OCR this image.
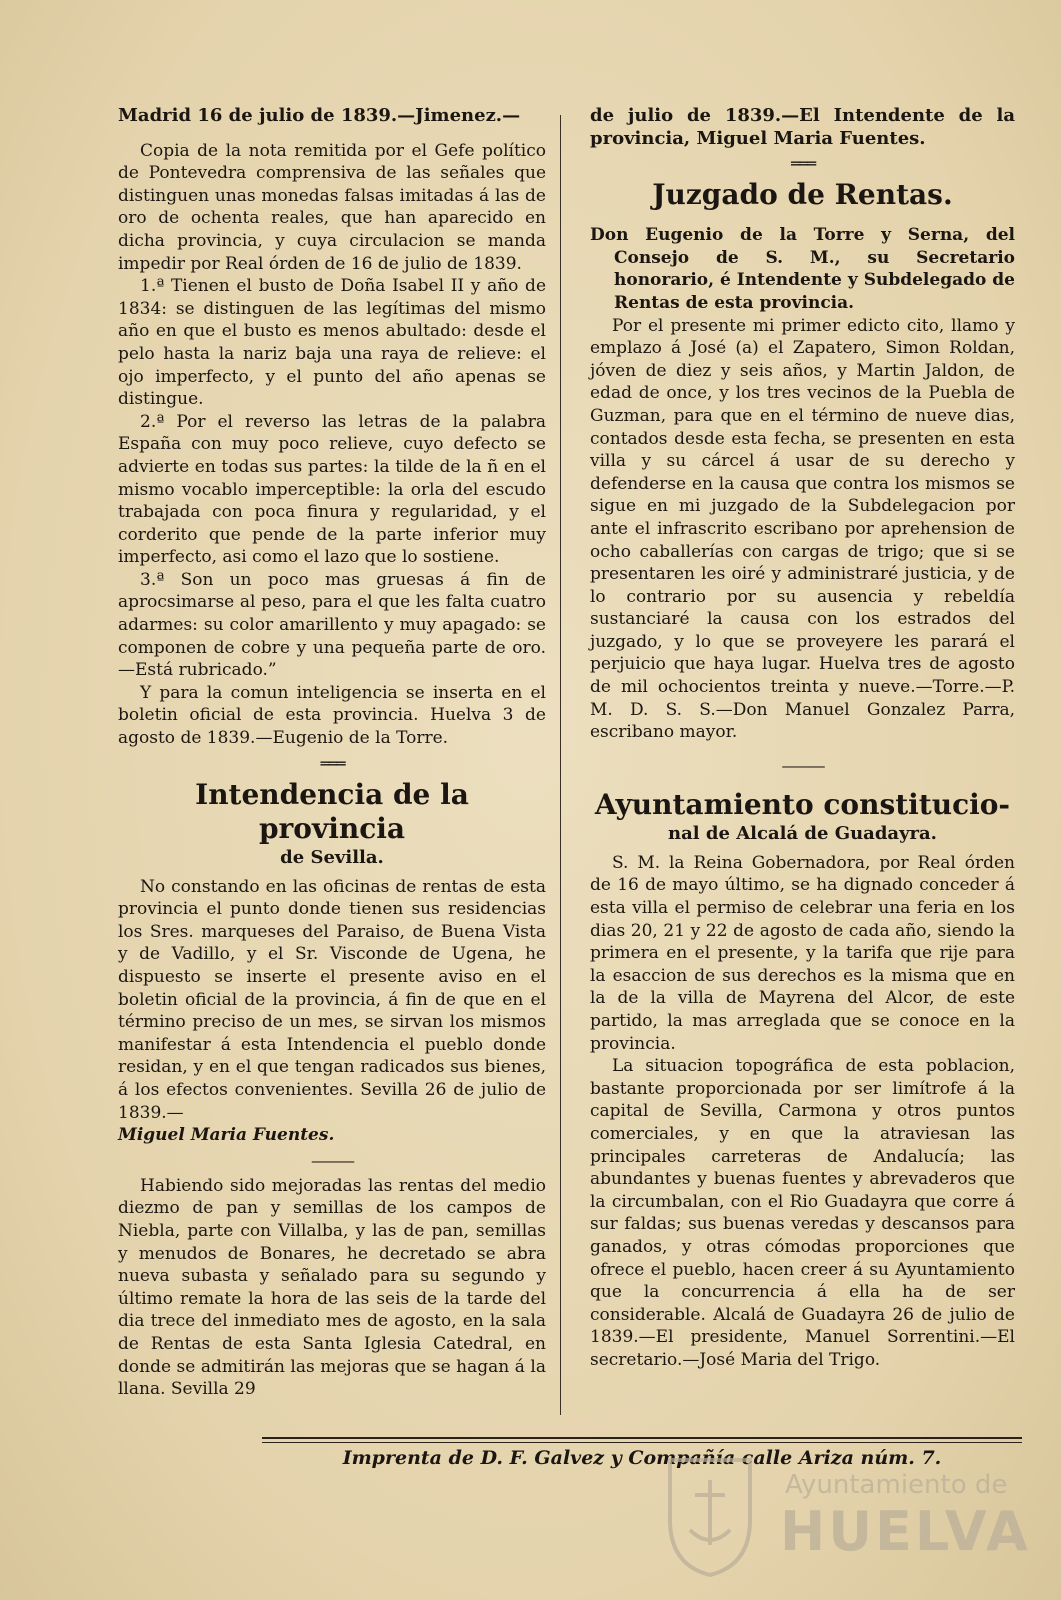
Madrid 16 de julio de 1839.—Jimenez.—

Copia de la nota remitida por el Gefe político de Pontevedra comprensiva de las señales que distinguen unas monedas falsas imitadas á las de oro de ochenta reales, que han aparecido en dicha provincia, y cuya circulacion se manda impedir por Real órden de 16 de julio de 1839.

1.ª Tienen el busto de Doña Isabel II y año de 1834: se distinguen de las legítimas del mismo año en que el busto es menos abultado: desde el pelo hasta la nariz baja una raya de relieve: el ojo imperfecto, y el punto del año apenas se distingue.

2.ª Por el reverso las letras de la palabra España con muy poco relieve, cuyo defecto se advierte en todas sus partes: la tilde de la ñ en el mismo vocablo imperceptible: la orla del escudo trabajada con poca finura y regularidad, y el corderito que pende de la parte inferior muy imperfecto, asi como el lazo que lo sostiene.

3.ª Son un poco mas gruesas á fin de aprocsimarse al peso, para el que les falta cuatro adarmes: su color amarillento y muy apagado: se componen de cobre y una pequeña parte de oro.—Está rubricado.”

Y para la comun inteligencia se inserta en el boletin oficial de esta provincia. Huelva 3 de agosto de 1839.—Eugenio de la Torre.

═══

Intendencia de la provincia

de Sevilla.

No constando en las oficinas de rentas de esta provincia el punto donde tienen sus residencias los Sres. marqueses del Paraiso, de Buena Vista y de Vadillo, y el Sr. Visconde de Ugena, he dispuesto se inserte el presente aviso en el boletin oficial de la provincia, á fin de que en el término preciso de un mes, se sirvan los mismos manifestar á esta Intendencia el pueblo donde residan, y en el que tengan radicados sus bienes, á los efectos convenientes. Sevilla 26 de julio de 1839.—

Miguel Maria Fuentes.

———

Habiendo sido mejoradas las rentas del medio diezmo de pan y semillas de los campos de Niebla, parte con Villalba, y las de pan, semillas y menudos de Bonares, he decretado se abra nueva subasta y señalado para su segundo y último remate la hora de las seis de la tarde del dia trece del inmediato mes de agosto, en la sala de Rentas de esta Santa Iglesia Catedral, en donde se admitirán las mejoras que se hagan á la llana. Sevilla 29

de julio de 1839.—El Intendente de la provincia, Miguel Maria Fuentes.

═══

Juzgado de Rentas.

Don Eugenio de la Torre y Serna, del Consejo de S. M., su Secretario honorario, é Intendente y Subdelegado de Rentas de esta provincia.

Por el presente mi primer edicto cito, llamo y emplazo á José (a) el Zapatero, Simon Roldan, jóven de diez y seis años, y Martin Jaldon, de edad de once, y los tres vecinos de la Puebla de Guzman, para que en el término de nueve dias, contados desde esta fecha, se presenten en esta villa y su cárcel á usar de su derecho y defenderse en la causa que contra los mismos se sigue en mi juzgado de la Subdelegacion por ante el infrascrito escribano por aprehension de ocho caballerías con cargas de trigo; que si se presentaren les oiré y administraré justicia, y de lo contrario por su ausencia y rebeldía sustanciaré la causa con los estrados del juzgado, y lo que se proveyere les parará el perjuicio que haya lugar. Huelva tres de agosto de mil ochocientos treinta y nueve.—Torre.—P. M. D. S. S.—Don Manuel Gonzalez Parra, escribano mayor.

———

Ayuntamiento constitucio-

nal de Alcalá de Guadayra.

S. M. la Reina Gobernadora, por Real órden de 16 de mayo último, se ha dignado conceder á esta villa el permiso de celebrar una feria en los dias 20, 21 y 22 de agosto de cada año, siendo la primera en el presente, y la tarifa que rije para la esaccion de sus derechos es la misma que en la de la villa de Mayrena del Alcor, de este partido, la mas arreglada que se conoce en la provincia.

La situacion topográfica de esta poblacion, bastante proporcionada por ser limítrofe á la capital de Sevilla, Carmona y otros puntos comerciales, y en que la atraviesan las principales carreteras de Andalucía; las abundantes y buenas fuentes y abrevaderos que la circumbalan, con el Rio Guadayra que corre á sur faldas; sus buenas veredas y descansos para ganados, y otras cómodas proporciones que ofrece el pueblo, hacen creer á su Ayuntamiento que la concurrencia á ella ha de ser considerable. Alcalá de Guadayra 26 de julio de 1839.—El presidente, Manuel Sorrentini.—El secretario.—José Maria del Trigo.

Imprenta de D. F. Galvez y Compañía calle Ariza núm. 7.
Ayuntamiento de
HUELVA
